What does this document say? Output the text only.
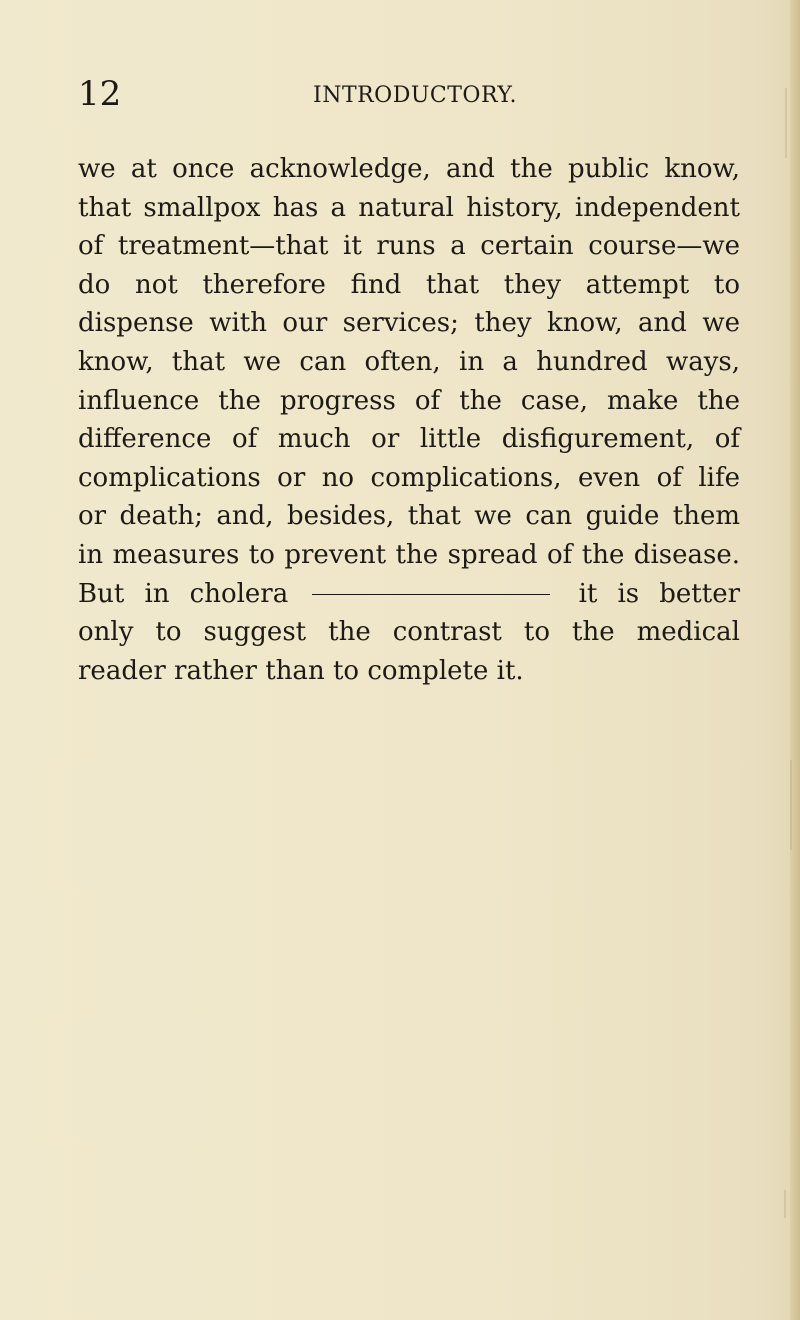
12	INTRODUCTORY.
we at once acknowledge, and the public know,
that smallpox has a natural history, independent
of treatment—that it runs a certain course—we
do not therefore find that they attempt to
dispense with our services; they know, and we
know, that we can often, in a hundred ways,
influence the progress of the case, make the
difference of much or little disfigurement, of
complications or no complications, even of life
or death; and, besides, that we can guide them
in measures to prevent the spread of the disease.
But in cholera	it is better
only to suggest the contrast to the medical
reader rather than to complete it.
